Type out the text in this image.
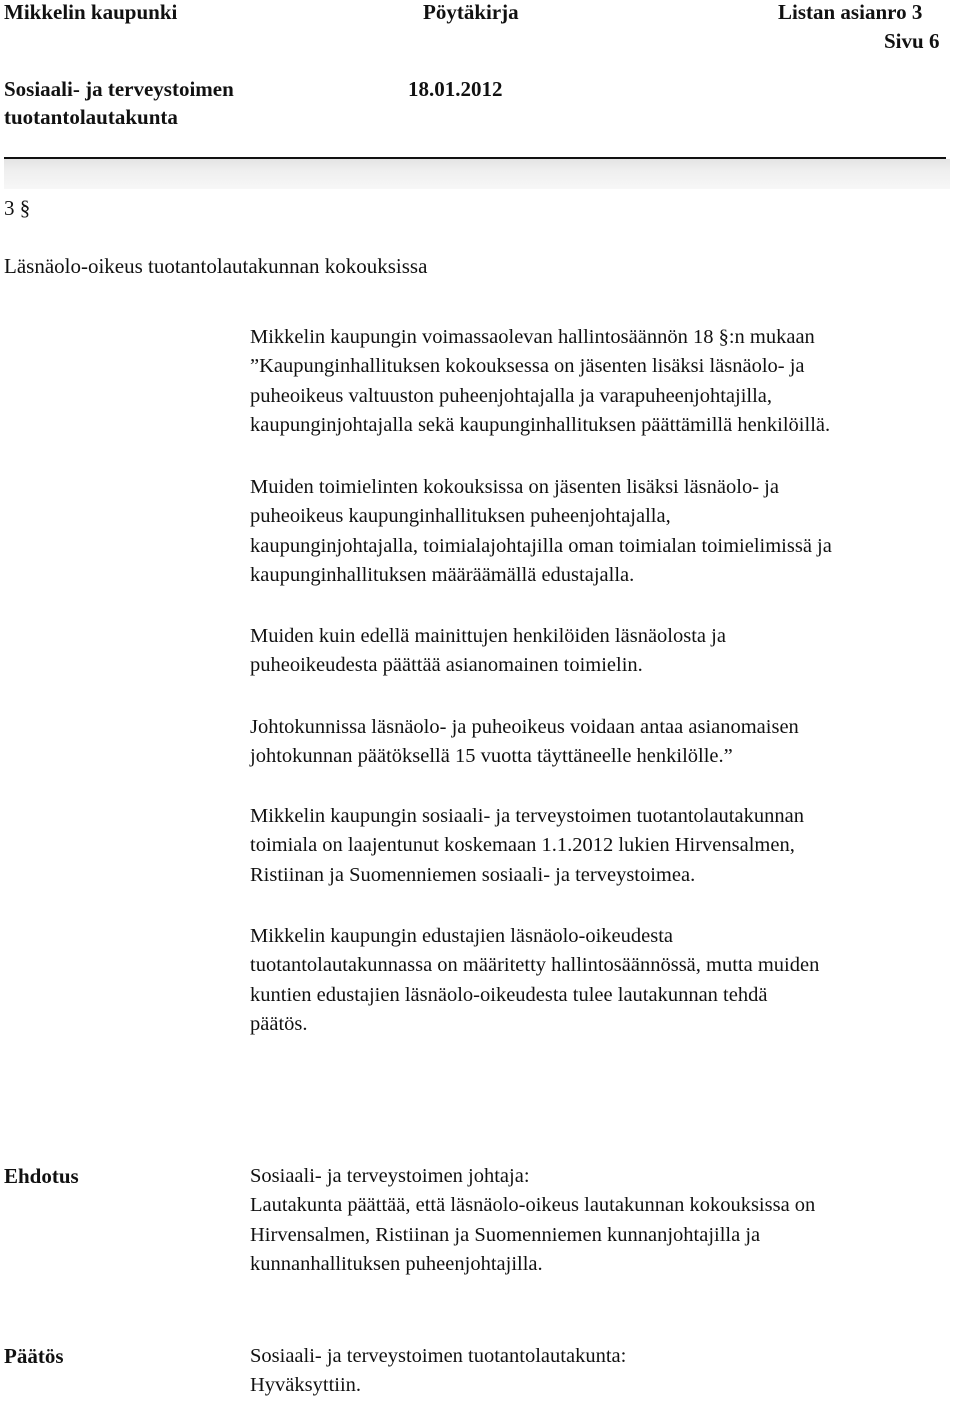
Mikkelin kaupunki	Pöytäkirja	Listan asianro 3
Sivu 6
Sosiaali- ja terveystoimen
tuotantolautakunta
18.01.2012
3 §
Läsnäolo-oikeus tuotantolautakunnan kokouksissa
Mikkelin kaupungin voimassaolevan hallintosäännön 18 §:n mukaan
”Kaupunginhallituksen kokouksessa on jäsenten lisäksi läsnäolo- ja
puheoikeus valtuuston puheenjohtajalla ja varapuheenjohtajilla,
kaupunginjohtajalla sekä kaupunginhallituksen päättämillä henkilöillä.
Muiden toimielinten kokouksissa on jäsenten lisäksi läsnäolo- ja
puheoikeus kaupunginhallituksen puheenjohtajalla,
kaupunginjohtajalla, toimialajohtajilla oman toimialan toimielimissä ja
kaupunginhallituksen määräämällä edustajalla.
Muiden kuin edellä mainittujen henkilöiden läsnäolosta ja
puheoikeudesta päättää asianomainen toimielin.
Johtokunnissa läsnäolo- ja puheoikeus voidaan antaa asianomaisen
johtokunnan päätöksellä 15 vuotta täyttäneelle henkilölle.”
Mikkelin kaupungin sosiaali- ja terveystoimen tuotantolautakunnan
toimiala on laajentunut koskemaan 1.1.2012 lukien Hirvensalmen,
Ristiinan ja Suomenniemen sosiaali- ja terveystoimea.
Mikkelin kaupungin edustajien läsnäolo-oikeudesta
tuotantolautakunnassa on määritetty hallintosäännössä, mutta muiden
kuntien edustajien läsnäolo-oikeudesta tulee lautakunnan tehdä
päätös.
Ehdotus	Sosiaali- ja terveystoimen johtaja:
Lautakunta päättää, että läsnäolo-oikeus lautakunnan kokouksissa on
Hirvensalmen, Ristiinan ja Suomenniemen kunnanjohtajilla ja
kunnanhallituksen puheenjohtajilla.
Päätös	Sosiaali- ja terveystoimen tuotantolautakunta:
Hyväksyttiin.
